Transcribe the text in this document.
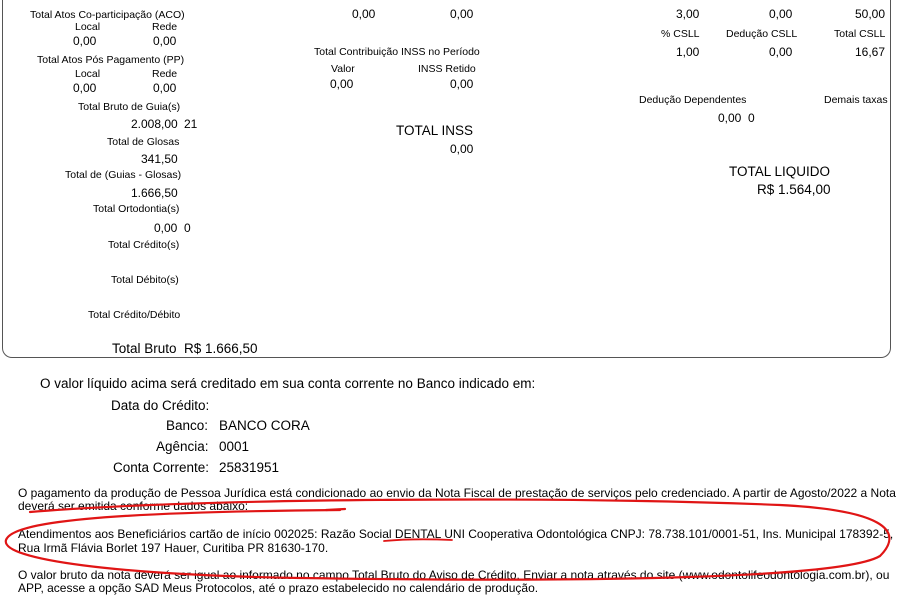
Total Atos Co-participação (ACO)
Local	Rede
0,00	0,00
Total Atos Pós Pagamento (PP)
Local	Rede
0,00	0,00
Total Bruto de Guia(s)
2.008,00 21
Total de Glosas
341,50
Total de (Guias - Glosas)
1.666,50
Total Ortodontia(s)
0,00 0
Total Crédito(s)
Total Débito(s)
Total Crédito/Débito
Total Bruto R$ 1.666,50
0,00	0,00
Total Contribuição INSS no Período
Valor	INSS Retido
0,00	0,00
TOTAL INSS
0,00
3,00	0,00	50,00
% CSLL	Dedução CSLL	Total CSLL
1,00	0,00	16,67
Dedução Dependentes	Demais taxas
0,00 0
TOTAL LIQUIDO
R$ 1.564,00
O valor líquido acima será creditado em sua conta corrente no Banco indicado em:
Data do Crédito:
Banco: BANCO CORA
Agência: 0001
Conta Corrente: 25831951
O pagamento da produção de Pessoa Jurídica está condicionado ao envio da Nota Fiscal de prestação de serviços pelo credenciado. A partir de Agosto/2022 a Nota
deverá ser emitida conforme dados abaixo:
Atendimentos aos Beneficiários cartão de início 002025: Razão Social DENTAL UNI Cooperativa Odontológica CNPJ: 78.738.101/0001-51, Ins. Municipal 178392-5,
Rua Irmã Flávia Borlet 197 Hauer, Curitiba PR 81630-170.
O valor bruto da nota deverá ser igual ao informado no campo Total Bruto do Aviso de Crédito. Enviar a nota através do site (www.odontolifeodontologia.com.br), ou
APP, acesse a opção SAD Meus Protocolos, até o prazo estabelecido no calendário de produção.
